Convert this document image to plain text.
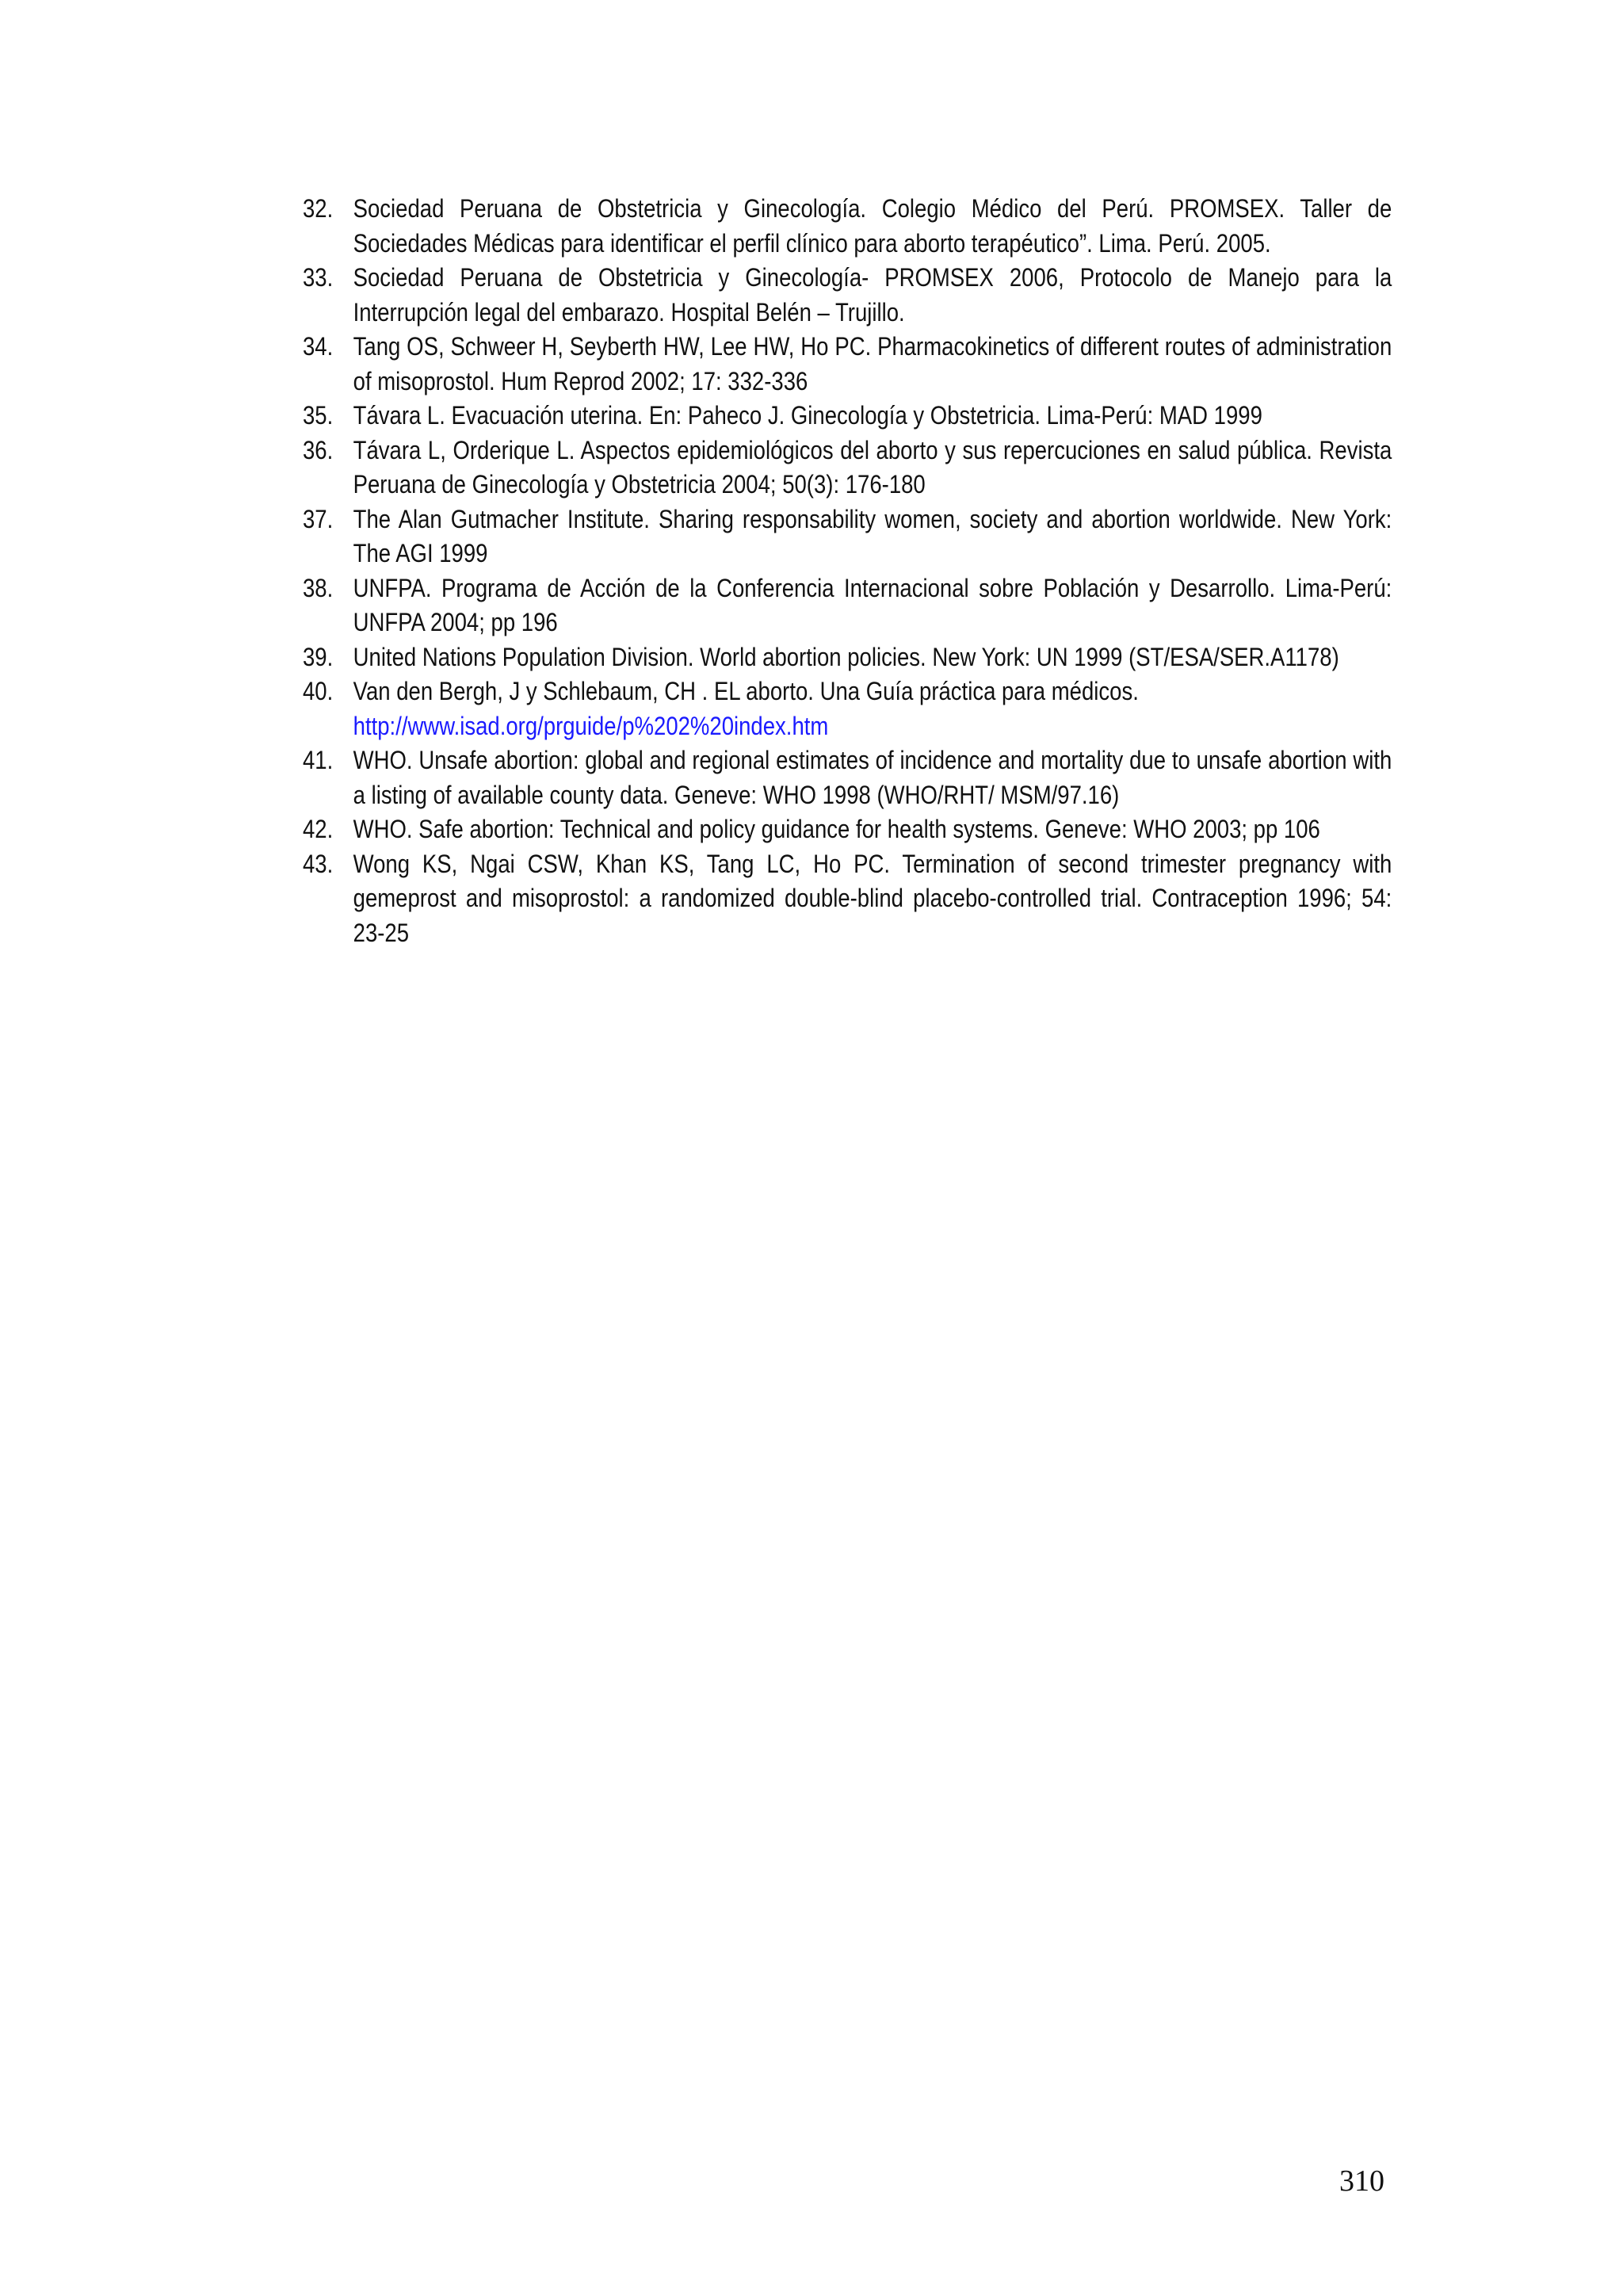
32. Sociedad Peruana de Obstetricia y Ginecología. Colegio Médico del Perú. PROMSEX. Taller de Sociedades Médicas para identificar el perfil clínico para aborto terapéutico”. Lima. Perú. 2005.
33. Sociedad Peruana de Obstetricia y Ginecología- PROMSEX 2006, Protocolo de Manejo para la Interrupción legal del embarazo. Hospital Belén – Trujillo.
34. Tang OS, Schweer H, Seyberth HW, Lee HW, Ho PC. Pharmacokinetics of different routes of administration of misoprostol. Hum Reprod 2002; 17: 332-336
35. Távara L. Evacuación uterina. En: Paheco J. Ginecología y Obstetricia. Lima-Perú: MAD 1999
36. Távara L, Orderique L. Aspectos epidemiológicos del aborto y sus repercuciones en salud pública. Revista Peruana de Ginecología y Obstetricia 2004; 50(3): 176-180
37. The Alan Gutmacher Institute. Sharing responsability women, society and abortion worldwide. New York: The AGI 1999
38. UNFPA. Programa de Acción de la Conferencia Internacional sobre Población y Desarrollo. Lima-Perú: UNFPA 2004; pp 196
39. United Nations Population Division. World abortion policies. New York: UN 1999 (ST/ESA/SER.A1178)
40. Van den Bergh, J y Schlebaum, CH . EL aborto. Una Guía práctica para médicos.
http://www.isad.org/prguide/p%202%20index.htm
41. WHO. Unsafe abortion: global and regional estimates of incidence and mortality due to unsafe abortion with a listing of available county data. Geneve: WHO 1998 (WHO/RHT/ MSM/97.16)
42. WHO. Safe abortion: Technical and policy guidance for health systems. Geneve: WHO 2003; pp 106
43. Wong KS, Ngai CSW, Khan KS, Tang LC, Ho PC. Termination of second trimester pregnancy with gemeprost and misoprostol: a randomized double-blind placebo-controlled trial. Contraception 1996; 54: 23-25
310
